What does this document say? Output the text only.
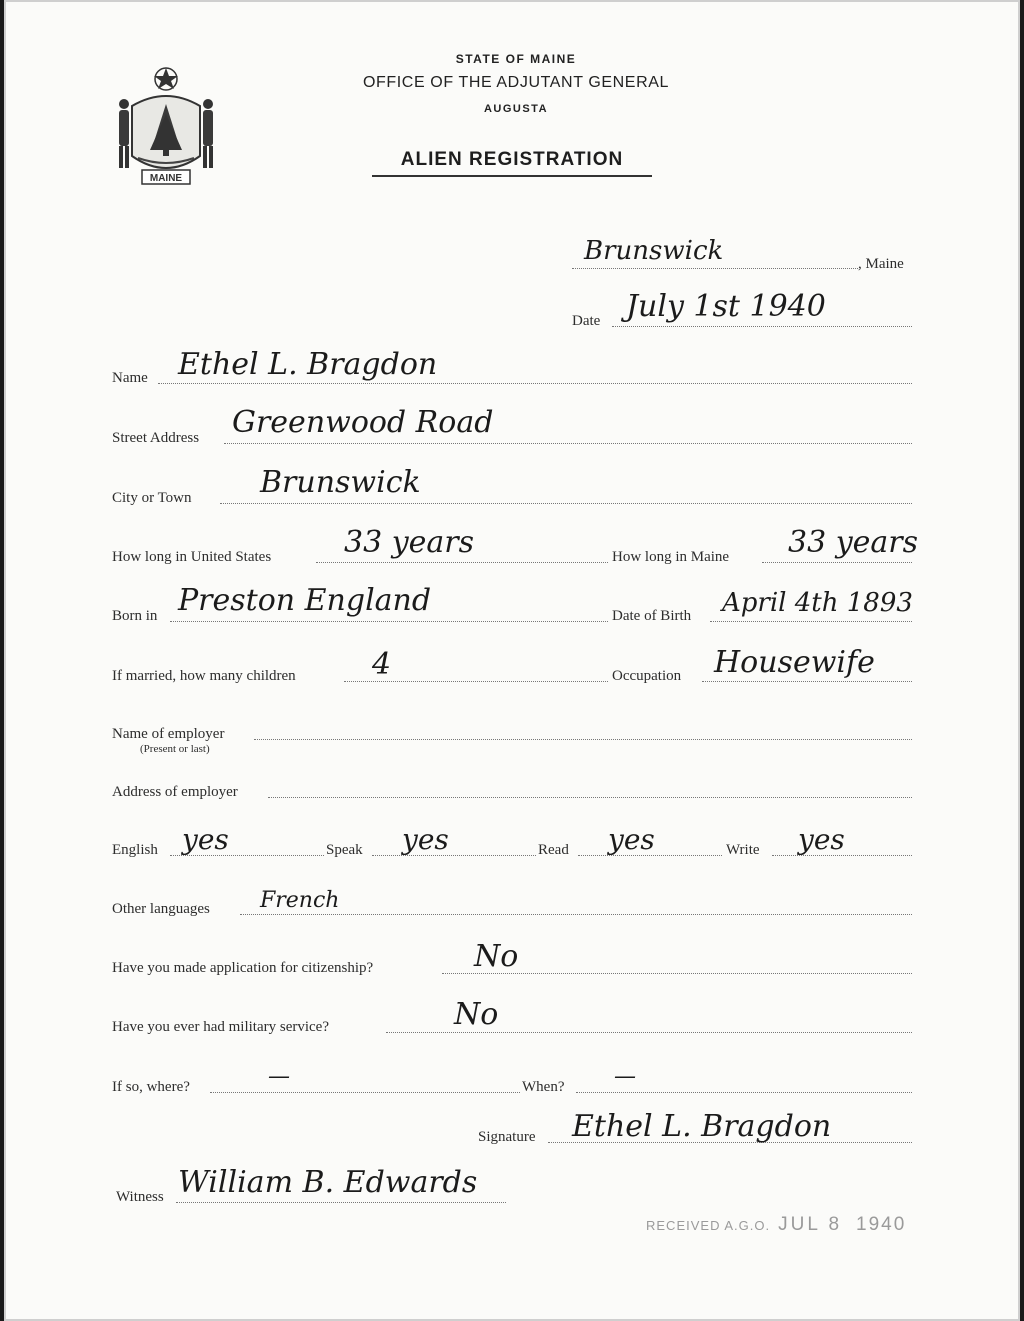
MAINE
STATE OF MAINE
OFFICE OF THE ADJUTANT GENERAL
AUGUSTA
ALIEN REGISTRATION
Brunswick	, Maine
Date July 1st 1940
Name Ethel L. Bragdon
Street Address Greenwood Road
City or Town Brunswick
How long in United States 33 years	How long in Maine 33 years
Born in Preston England	Date of Birth April 4th 1893
If married, how many children	4	Occupation Housewife
Name of employer
(Present or last)
Address of employer
English yes	Speak yes	Read yes	Write yes
Other languages French
Have you made application for citizenship?	No
Have you ever had military service?	No
If so, where?	—	When? —
Signature Ethel L. Bragdon
Witness William B. Edwards
RECEIVED A.G.O. JUL 8 1940
